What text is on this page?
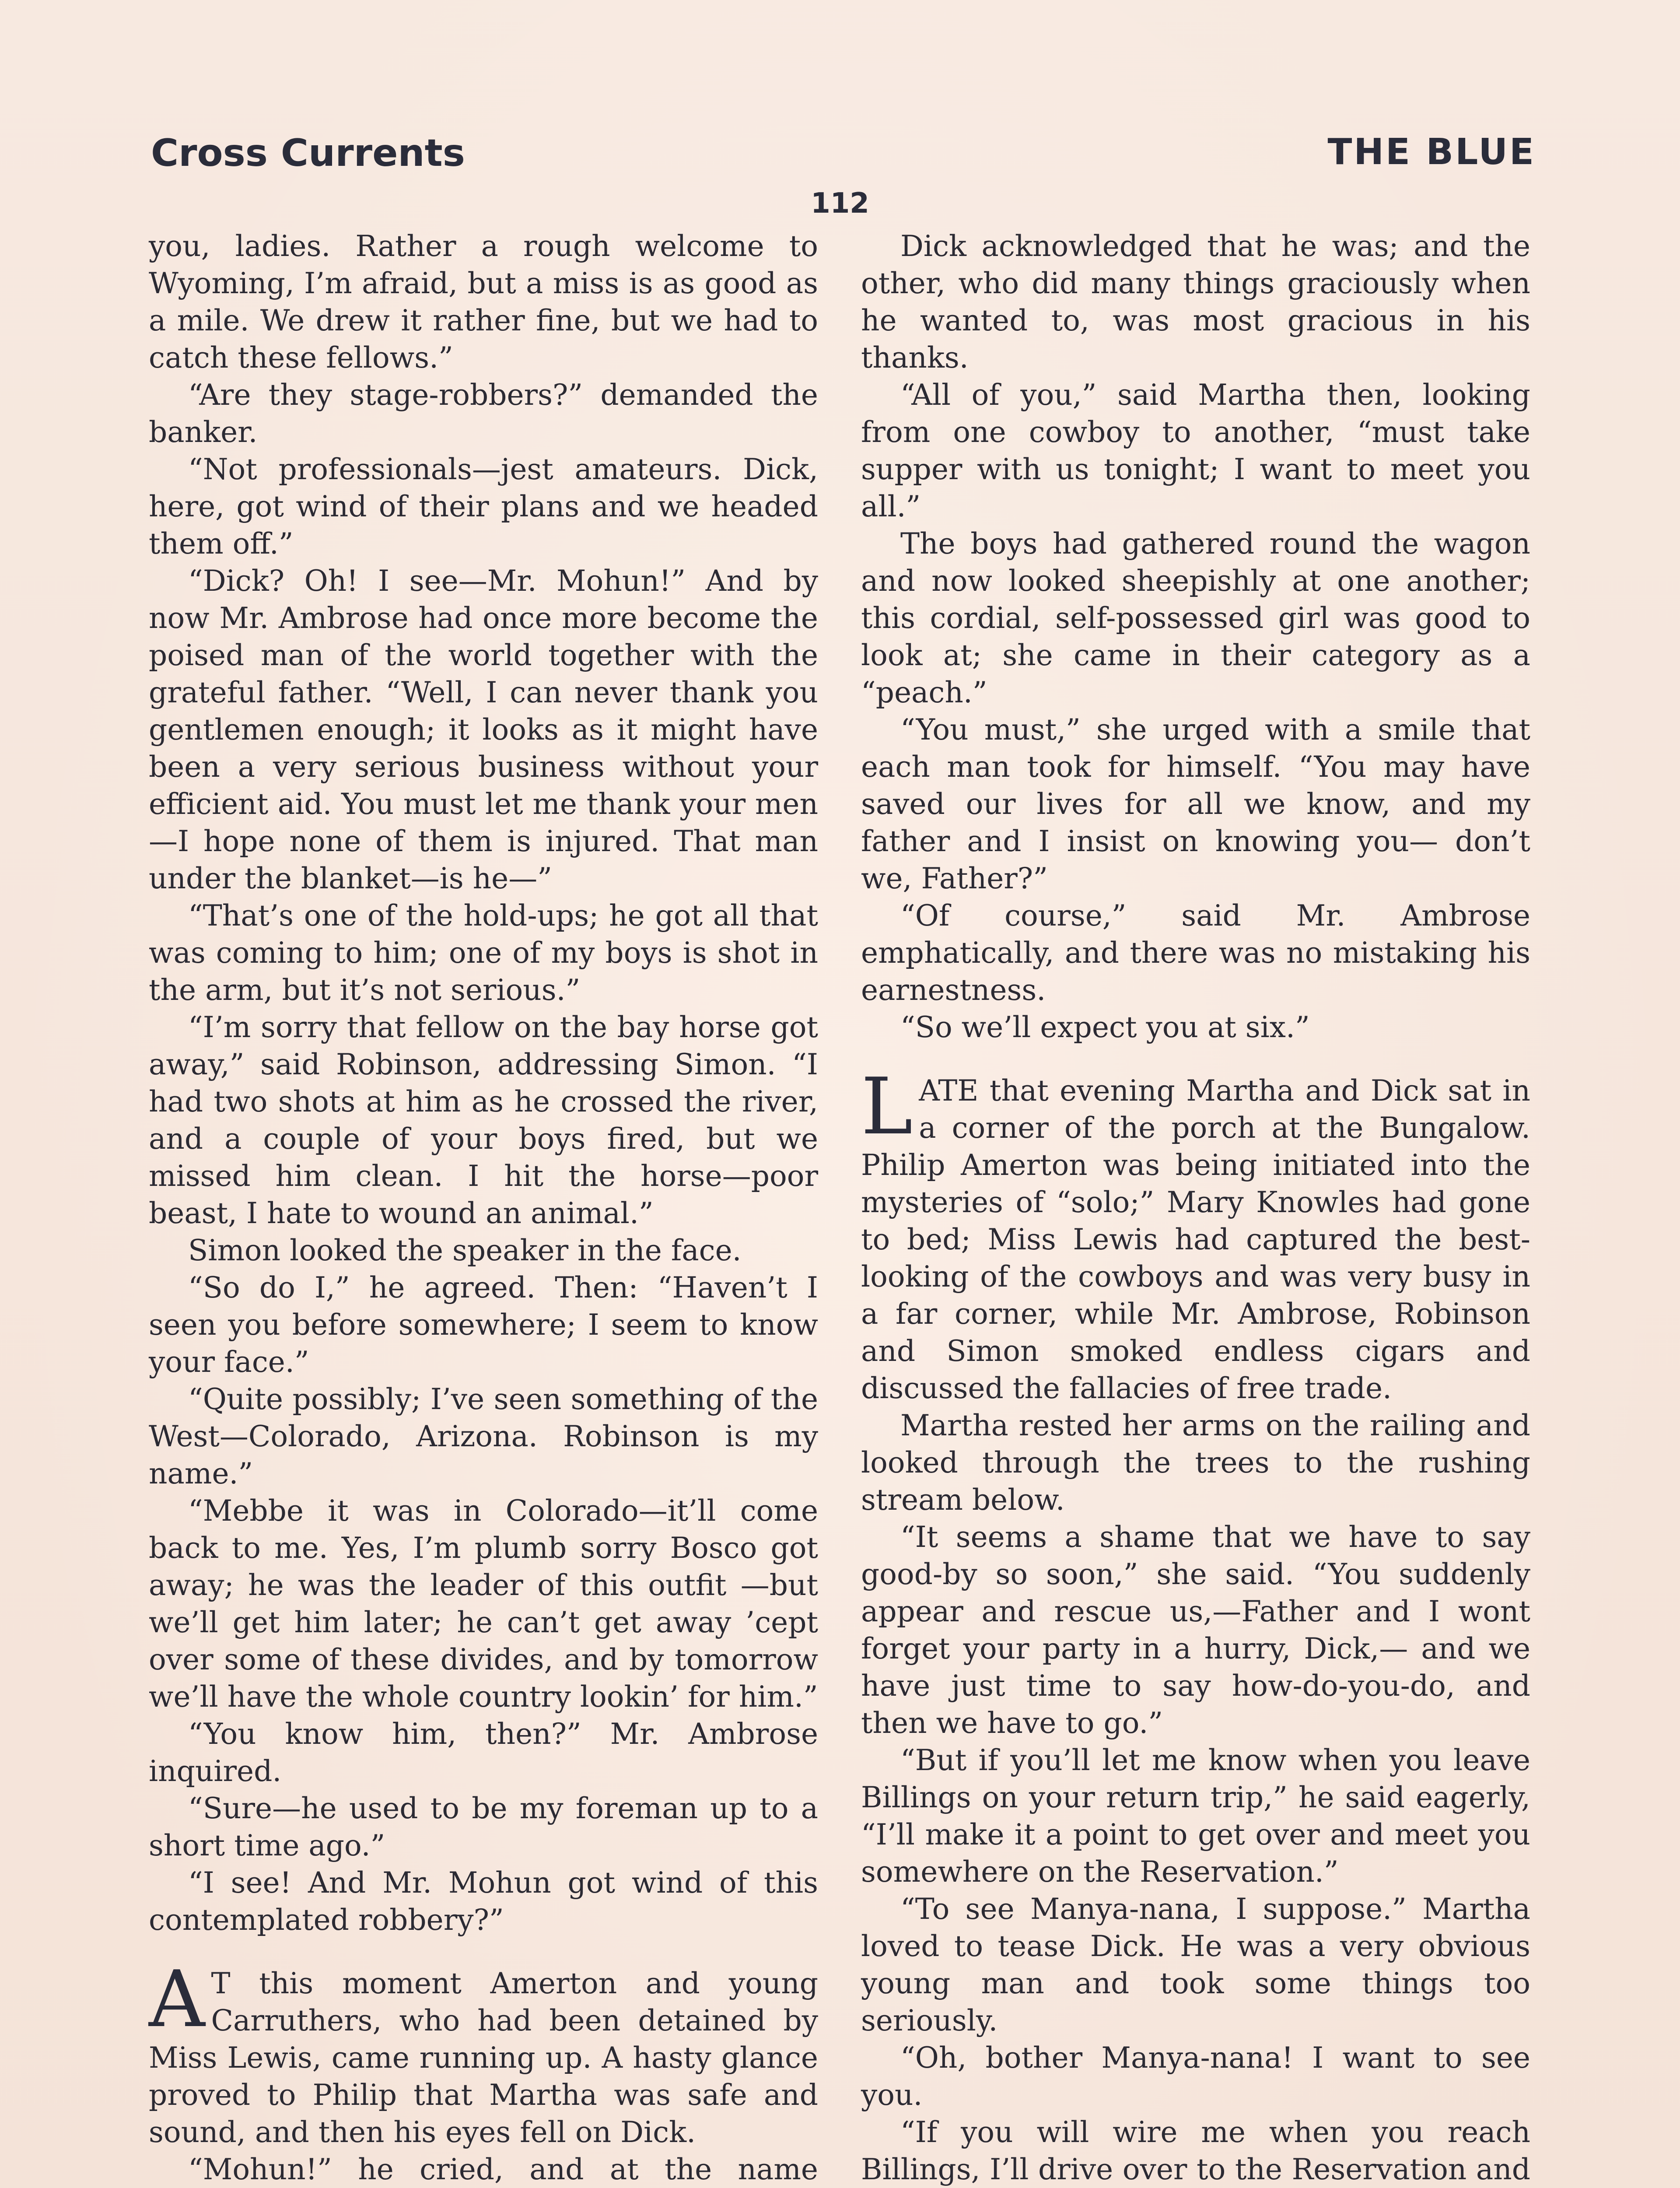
Cross Currents	THE BLUE
112

you, ladies. Rather a rough welcome to Wyoming, I’m afraid, but a miss is as good as a mile. We drew it rather fine, but we had to catch these fellows.”

“Are they stage-robbers?” demanded the banker.

“Not professionals—jest amateurs. Dick, here, got wind of their plans and we headed them off.”

“Dick? Oh! I see—Mr. Mohun!” And by now Mr. Ambrose had once more become the poised man of the world together with the grateful father. “Well, I can never thank you gentlemen enough; it looks as it might have been a very serious business without your efficient aid. You must let me thank your men—I hope none of them is injured. That man under the blanket—is he—”

“That’s one of the hold-ups; he got all that was coming to him; one of my boys is shot in the arm, but it’s not serious.”

“I’m sorry that fellow on the bay horse got away,” said Robinson, addressing Simon. “I had two shots at him as he crossed the river, and a couple of your boys fired, but we missed him clean. I hit the horse—poor beast, I hate to wound an animal.”

Simon looked the speaker in the face.

“So do I,” he agreed. Then: “Haven’t I seen you before somewhere; I seem to know your face.”

“Quite possibly; I’ve seen something of the West—Colorado, Arizona. Robinson is my name.”

“Mebbe it was in Colorado—it’ll come back to me. Yes, I’m plumb sorry Bosco got away; he was the leader of this outfit —but we’ll get him later; he can’t get away ’cept over some of these divides, and by tomorrow we’ll have the whole country lookin’ for him.”

“You know him, then?” Mr. Ambrose inquired.

“Sure—he used to be my foreman up to a short time ago.”

“I see! And Mr. Mohun got wind of this contemplated robbery?”

A T this moment Amerton and young Carruthers, who had been detained by Miss Lewis, came running up. A hasty glance proved to Philip that Martha was safe and sound, and then his eyes fell on Dick.

“Mohun!” he cried, and at the name

Dick acknowledged that he was; and the other, who did many things graciously when he wanted to, was most gracious in his thanks.

“All of you,” said Martha then, looking from one cowboy to another, “must take supper with us tonight; I want to meet you all.”

The boys had gathered round the wagon and now looked sheepishly at one another; this cordial, self-possessed girl was good to look at; she came in their category as a “peach.”

“You must,” she urged with a smile that each man took for himself. “You may have saved our lives for all we know, and my father and I insist on knowing you— don’t we, Father?”

“Of course,” said Mr. Ambrose emphatically, and there was no mistaking his earnestness.

“So we’ll expect you at six.”

LATE that evening Martha and Dick sat in a corner of the porch at the Bungalow. Philip Amerton was being initiated into the mysteries of “solo;” Mary Knowles had gone to bed; Miss Lewis had captured the best-looking of the cowboys and was very busy in a far corner, while Mr. Ambrose, Robinson and Simon smoked endless cigars and discussed the fallacies of free trade.

Martha rested her arms on the railing and looked through the trees to the rushing stream below.

“It seems a shame that we have to say good-by so soon,” she said. “You suddenly appear and rescue us,—Father and I wont forget your party in a hurry, Dick,— and we have just time to say how-do-you-do, and then we have to go.”

“But if you’ll let me know when you leave Billings on your return trip,” he said eagerly, “I’ll make it a point to get over and meet you somewhere on the Reservation.”

“To see Manya-nana, I suppose.” Martha loved to tease Dick. He was a very obvious young man and took some things too seriously.

“Oh, bother Manya-nana! I want to see you.

“If you will wire me when you reach Billings, I’ll drive over to the Reservation and
